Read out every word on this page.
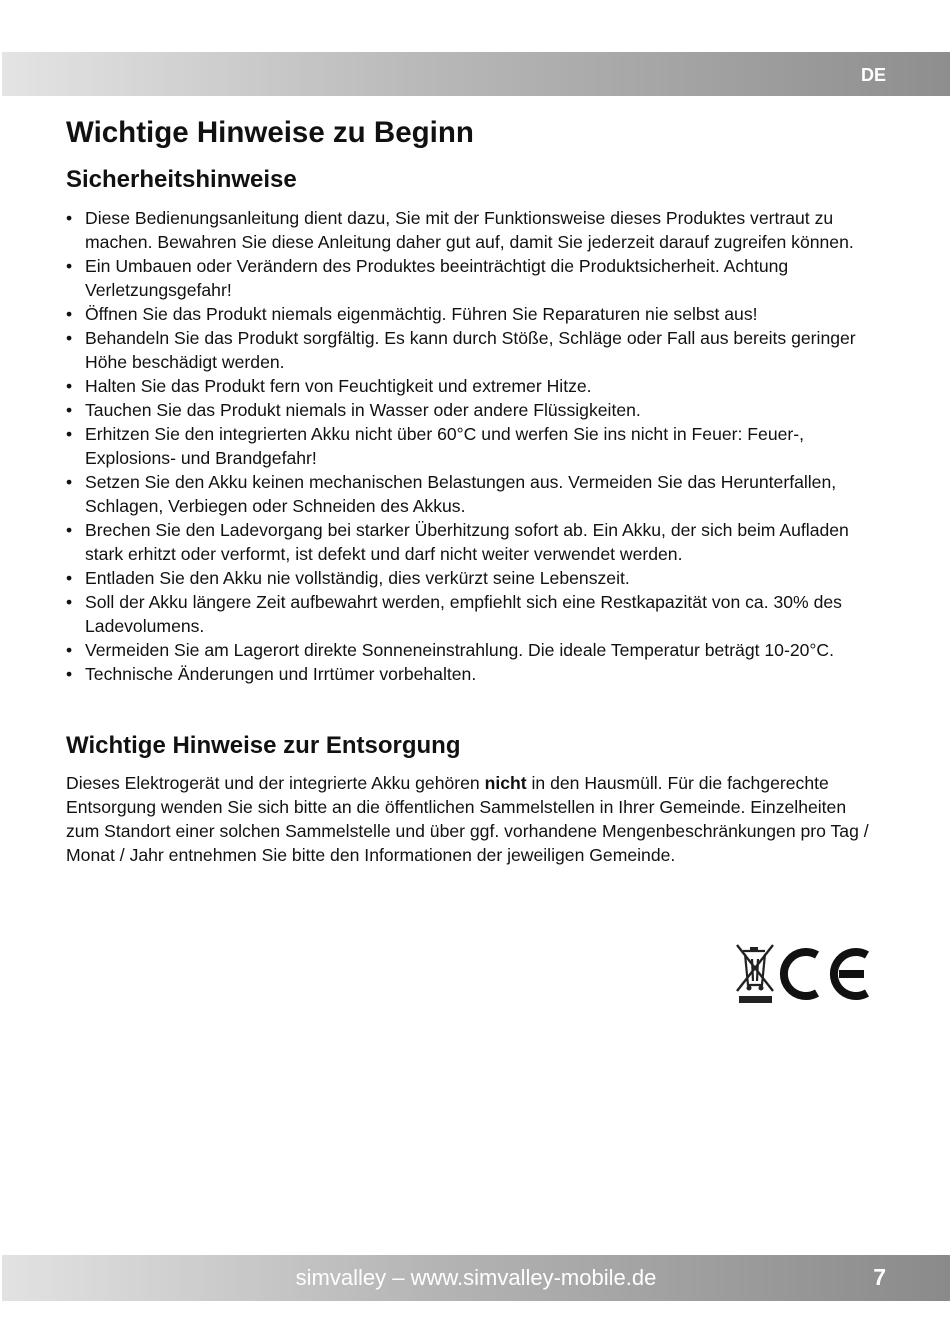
DE
Wichtige Hinweise zu Beginn
Sicherheitshinweise
• Diese Bedienungsanleitung dient dazu, Sie mit der Funktionsweise dieses Produktes vertraut zu machen. Bewahren Sie diese Anleitung daher gut auf, damit Sie jederzeit darauf zugreifen können.
• Ein Umbauen oder Verändern des Produktes beeinträchtigt die Produktsicherheit. Achtung Verletzungsgefahr!
• Öffnen Sie das Produkt niemals eigenmächtig. Führen Sie Reparaturen nie selbst aus!
• Behandeln Sie das Produkt sorgfältig. Es kann durch Stöße, Schläge oder Fall aus bereits geringer Höhe beschädigt werden.
• Halten Sie das Produkt fern von Feuchtigkeit und extremer Hitze.
• Tauchen Sie das Produkt niemals in Wasser oder andere Flüssigkeiten.
• Erhitzen Sie den integrierten Akku nicht über 60°C und werfen Sie ins nicht in Feuer: Feuer-, Explosions- und Brandgefahr!
• Setzen Sie den Akku keinen mechanischen Belastungen aus. Vermeiden Sie das Herunterfallen, Schlagen, Verbiegen oder Schneiden des Akkus.
• Brechen Sie den Ladevorgang bei starker Überhitzung sofort ab. Ein Akku, der sich beim Aufladen stark erhitzt oder verformt, ist defekt und darf nicht weiter verwendet werden.
• Entladen Sie den Akku nie vollständig, dies verkürzt seine Lebenszeit.
• Soll der Akku längere Zeit aufbewahrt werden, empfiehlt sich eine Restkapazität von ca. 30% des Ladevolumens.
• Vermeiden Sie am Lagerort direkte Sonneneinstrahlung. Die ideale Temperatur beträgt 10-20°C.
• Technische Änderungen und Irrtümer vorbehalten.
Wichtige Hinweise zur Entsorgung

Dieses Elektrogerät und der integrierte Akku gehören nicht in den Hausmüll. Für die fachgerechte Entsorgung wenden Sie sich bitte an die öffentlichen Sammelstellen in Ihrer Gemeinde. Einzelheiten zum Standort einer solchen Sammelstelle und über ggf. vorhandene Mengenbeschränkungen pro Tag / Monat / Jahr entnehmen Sie bitte den Informationen der jeweiligen Gemeinde.

simvalley – www.simvalley-mobile.de	7
